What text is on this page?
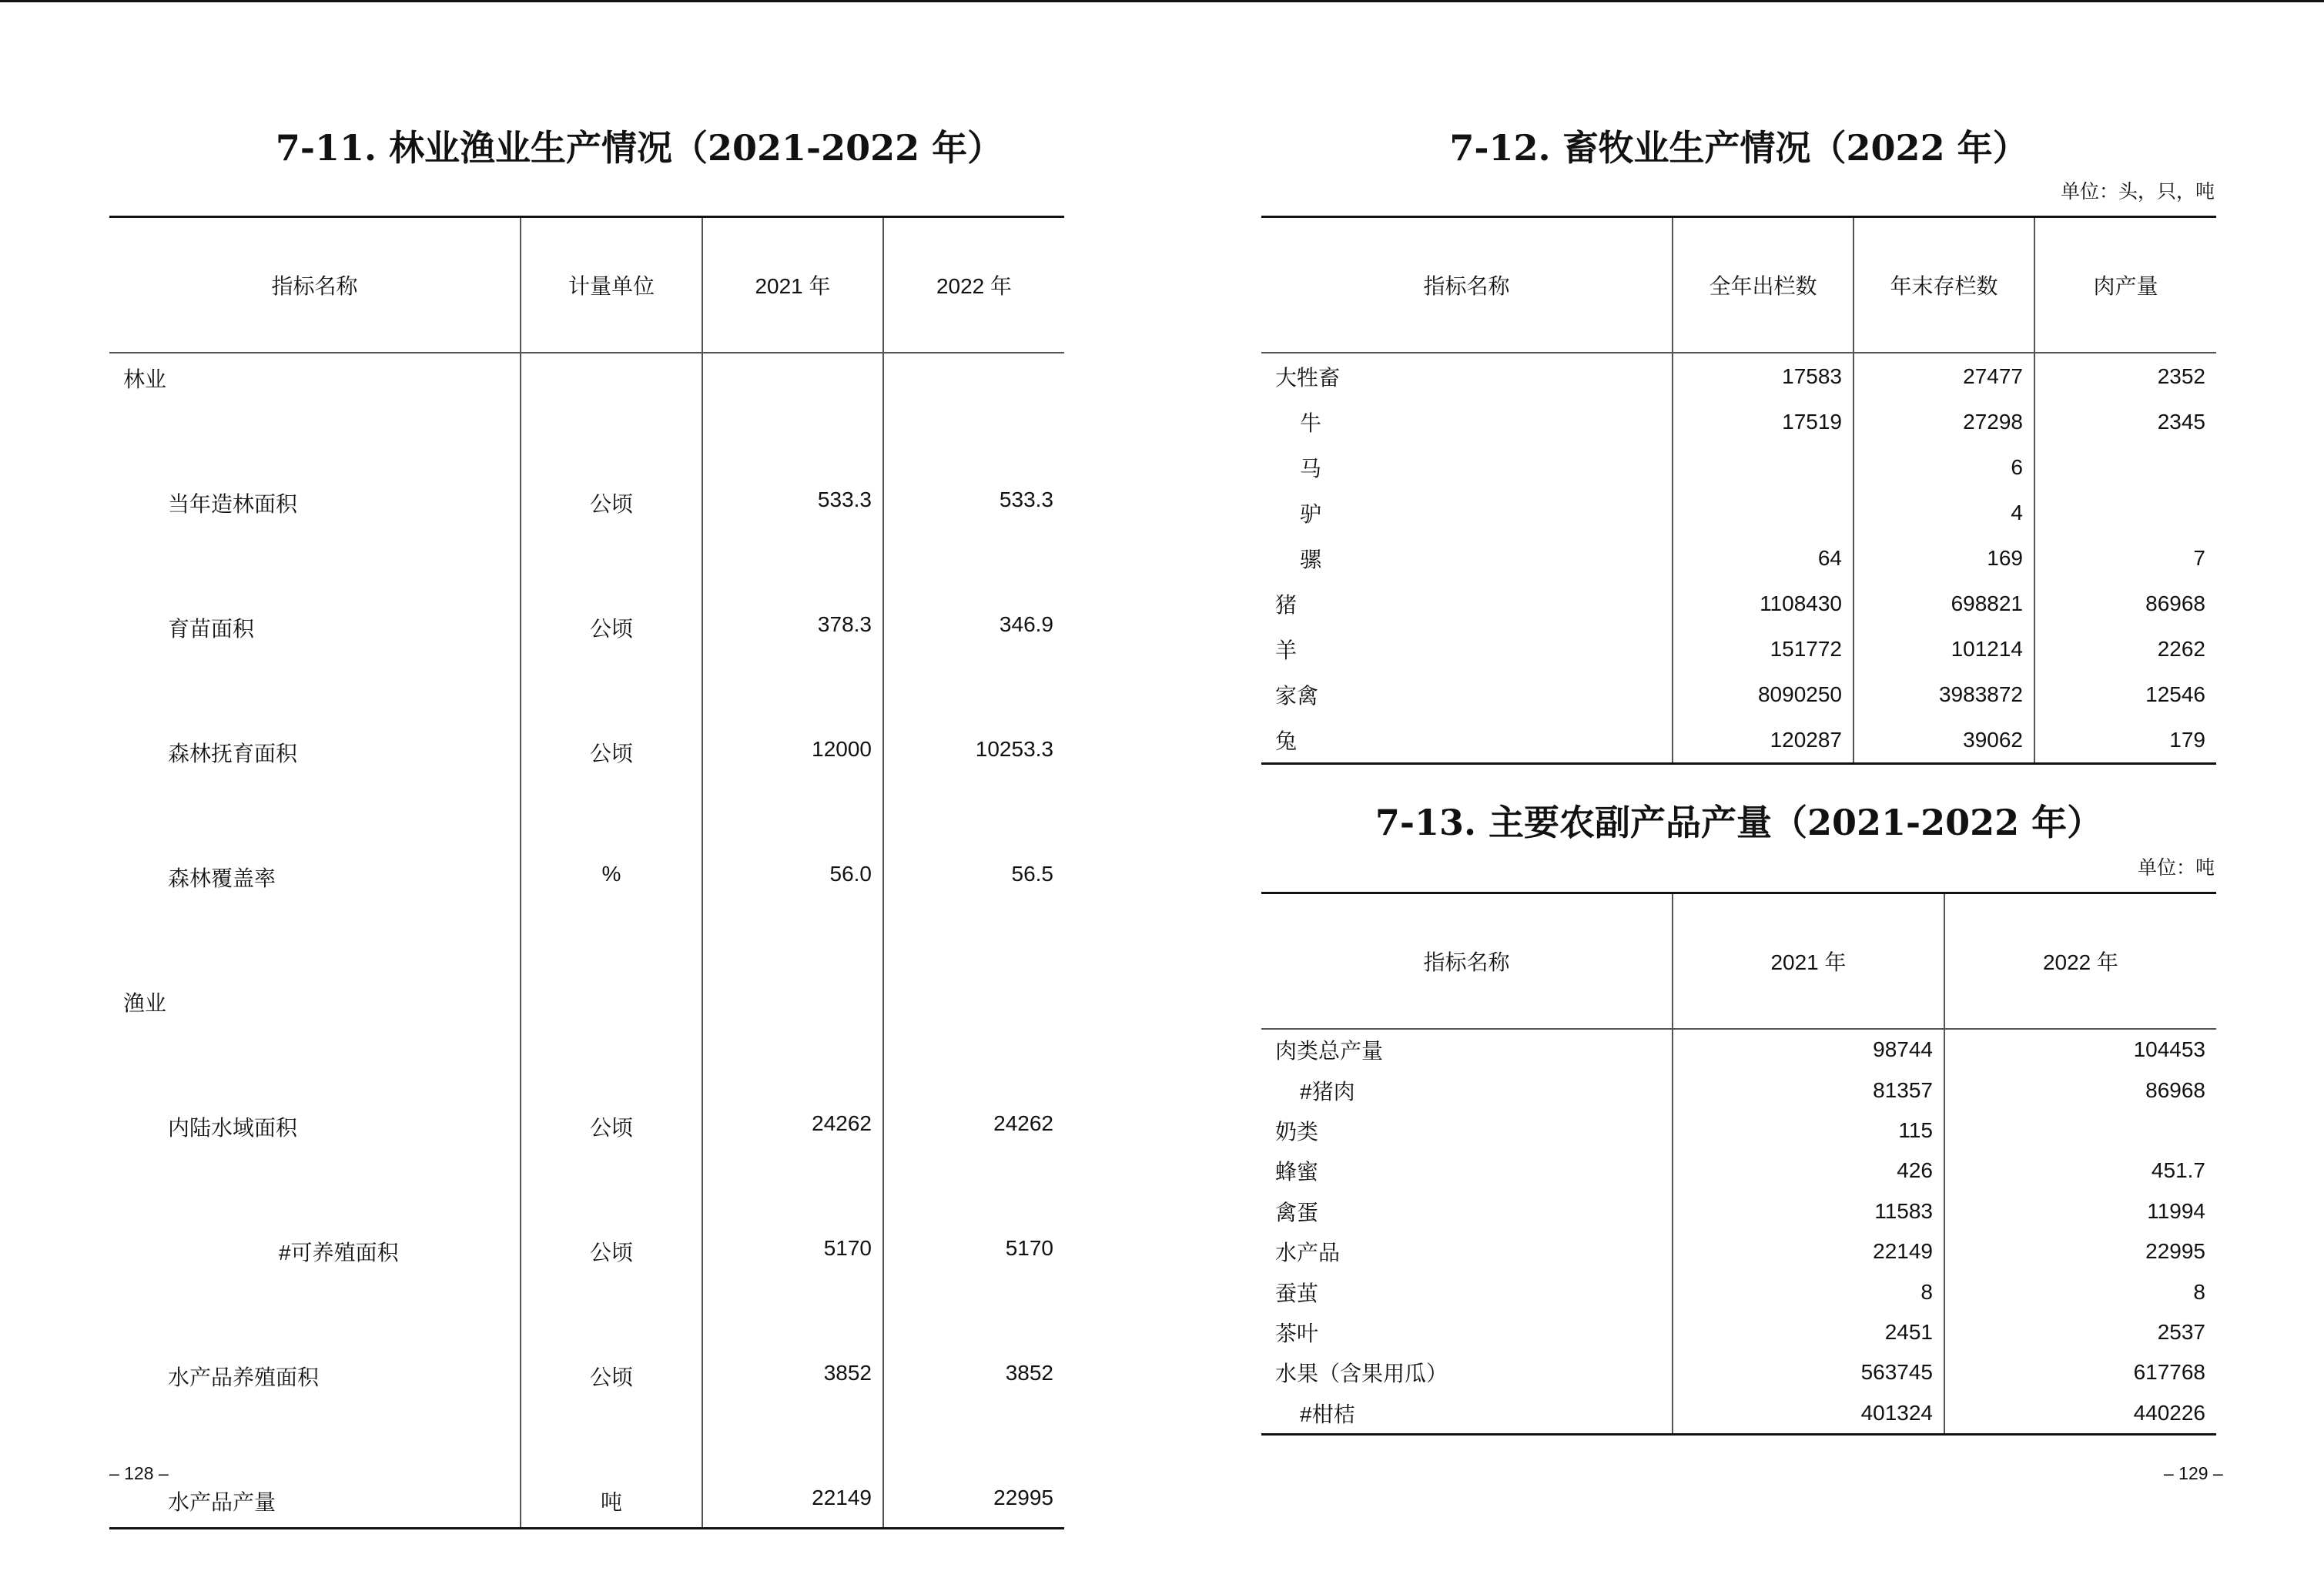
7-11. 林业渔业生产情况（2021-2022 年）
指标名称	计量单位	2021 年	2022 年
林业			
当年造林面积	公顷	533.3	533.3
育苗面积	公顷	378.3	346.9
森林抚育面积	公顷	12000	10253.3
森林覆盖率	%	56.0	56.5
渔业			
内陆水域面积	公顷	24262	24262
#可养殖面积	公顷	5170	5170
水产品养殖面积	公顷	3852	3852
水产品产量	吨	22149	22995
– 128 –
7-12. 畜牧业生产情况（2022 年）
单位：头，只，吨
指标名称	全年出栏数	年末存栏数	肉产量
大牲畜	17583	27477	2352
牛	17519	27298	2345
马		6	
驴		4	
骡	64	169	7
猪	1108430	698821	86968
羊	151772	101214	2262
家禽	8090250	3983872	12546
兔	120287	39062	179
7-13. 主要农副产品产量（2021-2022 年）
单位：吨
指标名称	2021 年	2022 年
肉类总产量	98744	104453
#猪肉	81357	86968
奶类	115	
蜂蜜	426	451.7
禽蛋	11583	11994
水产品	22149	22995
蚕茧	8	8
茶叶	2451	2537
水果（含果用瓜）	563745	617768
#柑桔	401324	440226
– 129 –
